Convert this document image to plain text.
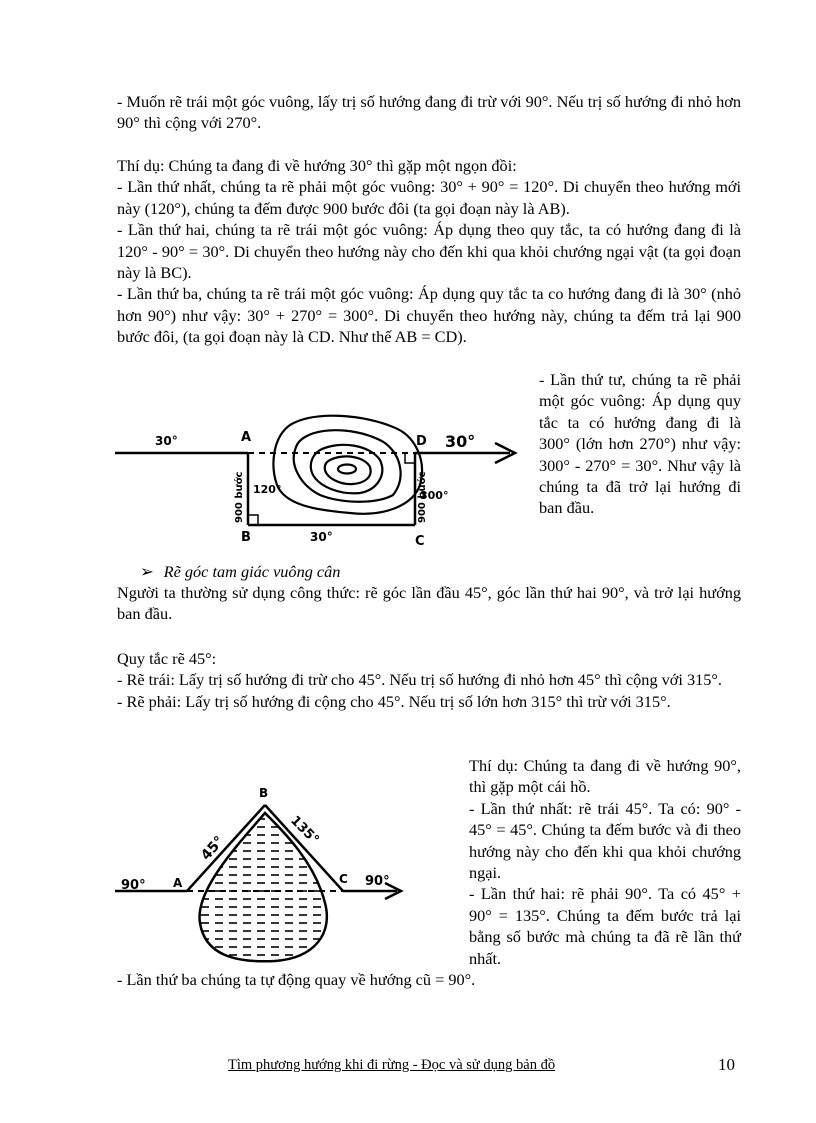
- Muốn rẽ trái một góc vuông, lấy trị số hướng đang đi trừ với 90°. Nếu trị số hướng đi nhỏ hơn 90° thì cộng với 270°.

Thí dụ: Chúng ta đang đi về hướng 30° thì gặp một ngọn đồi:

- Lần thứ nhất, chúng ta rẽ phải một góc vuông: 30° + 90° = 120°. Di chuyển theo hướng mới này (120°), chúng ta đếm được 900 bước đôi (ta gọi đoạn này là AB).

- Lần thứ hai, chúng ta rẽ trái một góc vuông: Áp dụng theo quy tắc, ta có hướng đang đi là 120° - 90° = 30°. Di chuyển theo hướng này cho đến khi qua khỏi chướng ngại vật (ta gọi đoạn này là BC).

- Lần thứ ba, chúng ta rẽ trái một góc vuông: Áp dụng quy tắc ta co hướng đang đi là 30° (nhỏ hơn 90°) như vậy: 30° + 270° = 300°. Di chuyển theo hướng này, chúng ta đếm trả lại 900 bước đôi, (ta gọi đoạn này là CD. Như thế AB = CD).

- Lần thứ tư, chúng ta rẽ phải một góc vuông: Áp dụng quy tắc ta có hướng đang đi là 300° (lớn hơn 270°) như vậy: 300° - 270° = 30°. Như vậy là chúng ta đã trở lại hướng đi ban đầu.

30°	A	D 30°
120°	300°
B	30°	C
900 bước	900 bước
➢ Rẽ góc tam giác vuông cân

Người ta thường sử dụng công thức: rẽ góc lần đầu 45°, góc lần thứ hai 90°, và trở lại hướng ban đầu.

Quy tắc rẽ 45°:

- Rẽ trái: Lấy trị số hướng đi trừ cho 45°. Nếu trị số hướng đi nhỏ hơn 45° thì cộng với 315°.

- Rẽ phải: Lấy trị số hướng đi cộng cho 45°. Nếu trị số lớn hơn 315° thì trừ với 315°.

Thí dụ: Chúng ta đang đi về hướng 90°, thì gặp một cái hồ.

- Lần thứ nhất: rẽ trái 45°. Ta có: 90° - 45° = 45°. Chúng ta đếm bước và đi theo hướng này cho đến khi qua khỏi chướng ngại.

- Lần thứ hai: rẽ phải 90°. Ta có 45° + 90° = 135°. Chúng ta đếm bước trả lại bằng số bước mà chúng ta đã rẽ lần thứ nhất.

- Lần thứ ba chúng ta tự động quay về hướng cũ = 90°.

B
45°
135°
90° A	C 90°
Tìm phương hướng khi đi rừng - Đọc và sử dụng bản đồ	10
